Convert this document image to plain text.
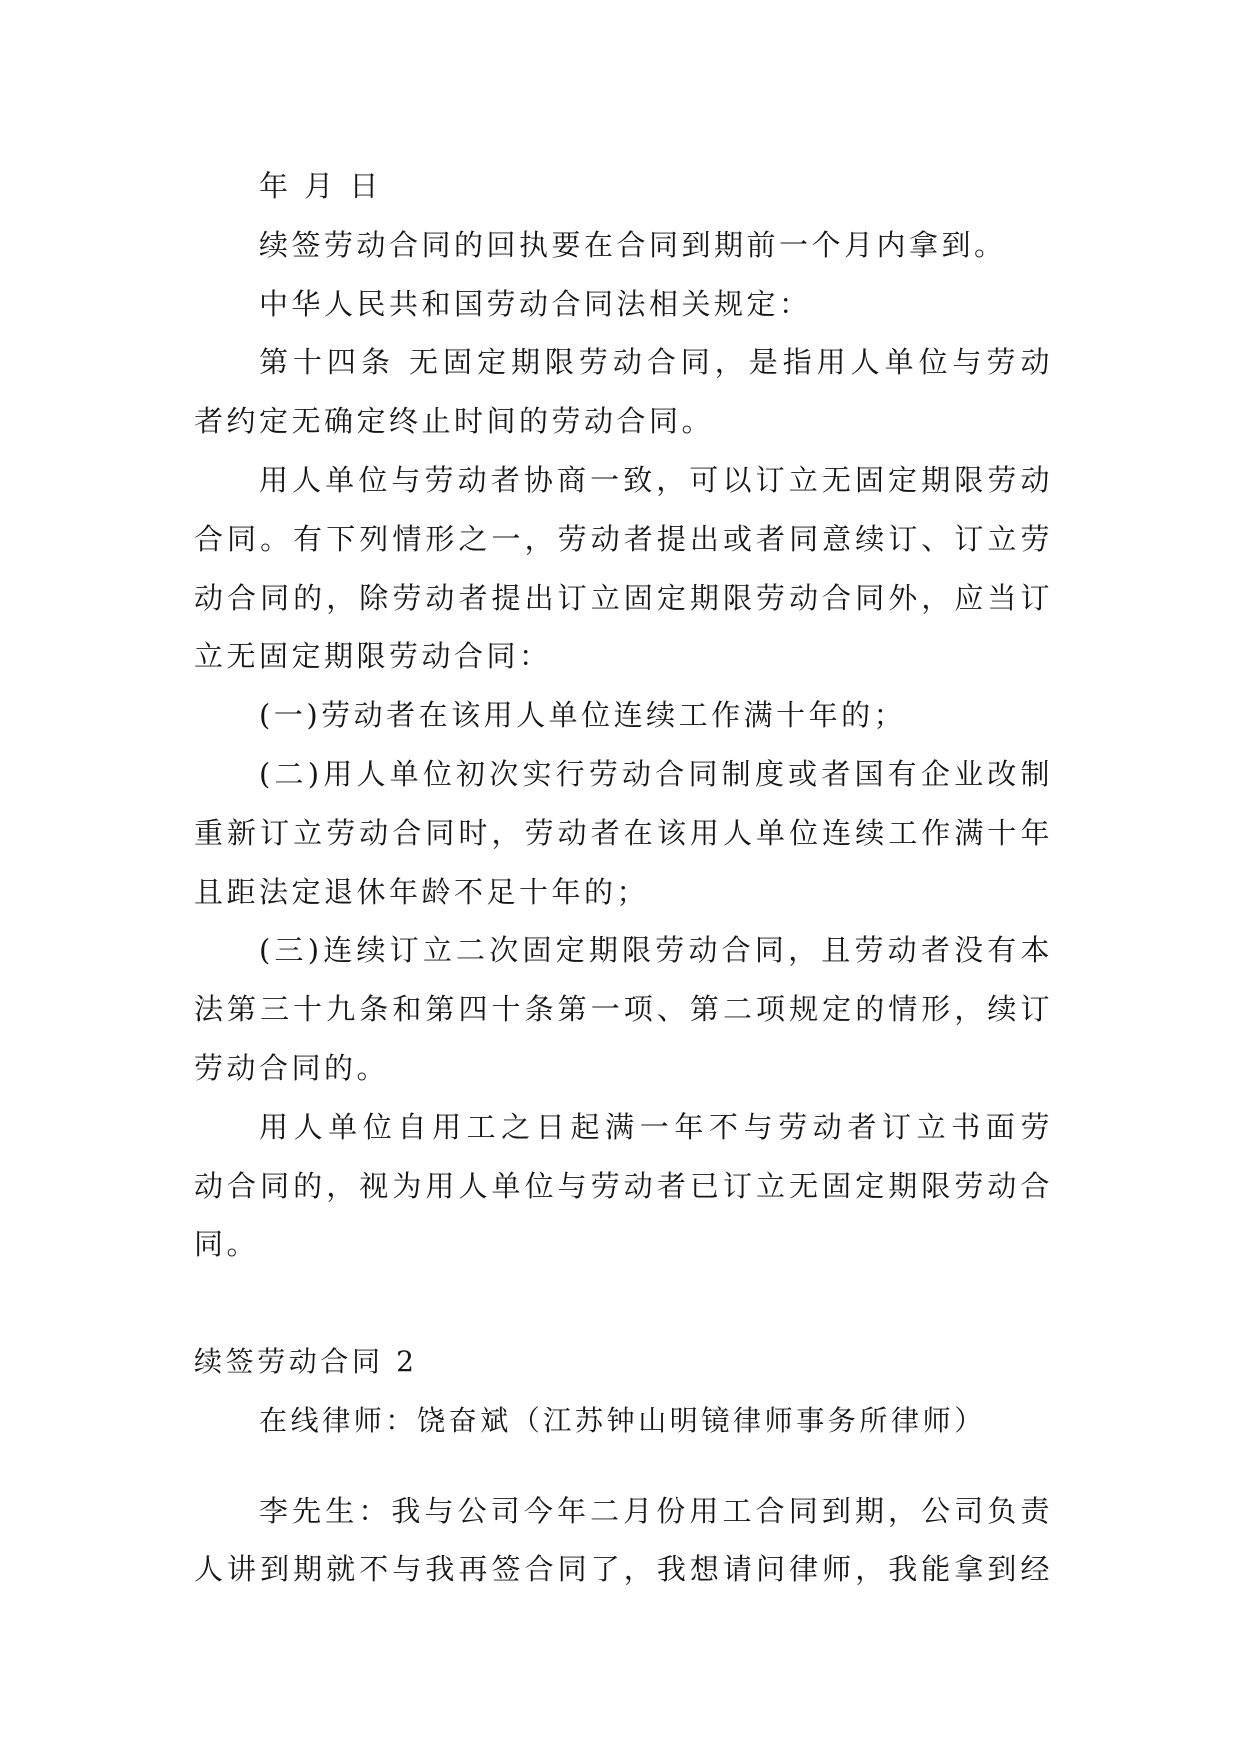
年 月 日
续签劳动合同的回执要在合同到期前一个月内拿到。
中华人民共和国劳动合同法相关规定：
第十四条 无固定期限劳动合同，是指用人单位与劳动
者约定无确定终止时间的劳动合同。
用人单位与劳动者协商一致，可以订立无固定期限劳动
合同。有下列情形之一，劳动者提出或者同意续订、订立劳
动合同的，除劳动者提出订立固定期限劳动合同外，应当订
立无固定期限劳动合同：
(一)劳动者在该用人单位连续工作满十年的；
(二)用人单位初次实行劳动合同制度或者国有企业改制
重新订立劳动合同时，劳动者在该用人单位连续工作满十年
且距法定退休年龄不足十年的；
(三)连续订立二次固定期限劳动合同，且劳动者没有本
法第三十九条和第四十条第一项、第二项规定的情形，续订
劳动合同的。
用人单位自用工之日起满一年不与劳动者订立书面劳
动合同的，视为用人单位与劳动者已订立无固定期限劳动合
同。
续签劳动合同 2
在线律师：饶奋斌（江苏钟山明镜律师事务所律师）
李先生：我与公司今年二月份用工合同到期，公司负责
人讲到期就不与我再签合同了，我想请问律师，我能拿到经
